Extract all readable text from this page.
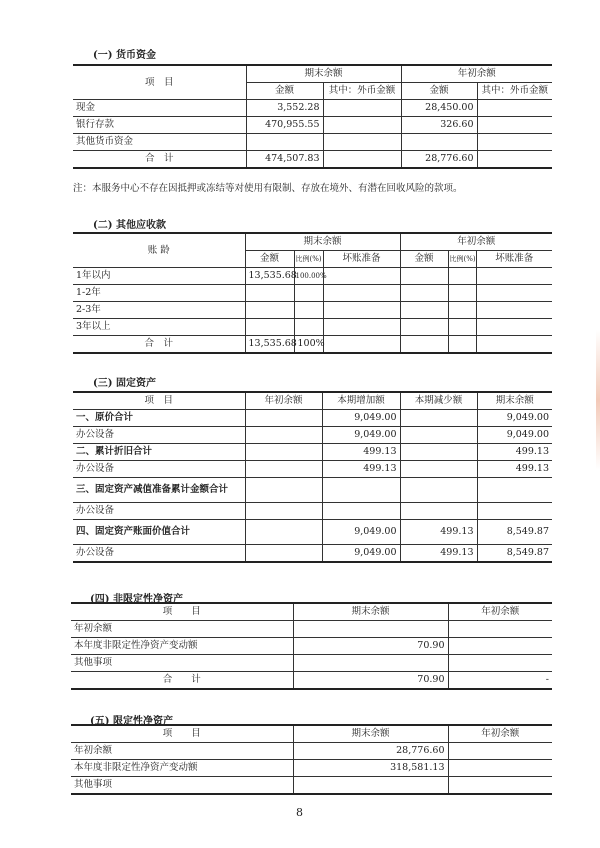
(一) 货币资金
项　目	期末余额		年初余额	
	金额	其中：外币金额	金额	其中：外币金额
现金	3,552.28		28,450.00	
银行存款	470,955.55		326.60	
其他货币资金				
合　计	474,507.83		28,776.60	
注：本服务中心不存在因抵押或冻结等对使用有限制、存放在境外、有潜在回收风险的款项。
(二) 其他应收款
账 龄	期末余额			年初余额		
	金额	比例(%)	坏账准备	金额	比例(%)	坏账准备
1年以内	13,535.68	100.00%				
1-2年						
2-3年						
3年以上						
合　计	13,535.68	100%				
(三) 固定资产
项　目	年初余额	本期增加额	本期减少额	期末余额
一、原价合计		9,049.00		9,049.00
办公设备		9,049.00		9,049.00
二、累计折旧合计		499.13		499.13
办公设备		499.13		499.13
三、固定资产减值准备累计金额合计				
办公设备				
四、固定资产账面价值合计		9,049.00	499.13	8,549.87
办公设备		9,049.00	499.13	8,549.87
(四) 非限定性净资产
项　　目	期末余额	年初余额
年初余额		
本年度非限定性净资产变动额	70.90	
其他事项		
合　　计	70.90	-
(五) 限定性净资产
项　　目	期末余额	年初余额
年初余额	28,776.60	
本年度非限定性净资产变动额	318,581.13	
其他事项		
8
